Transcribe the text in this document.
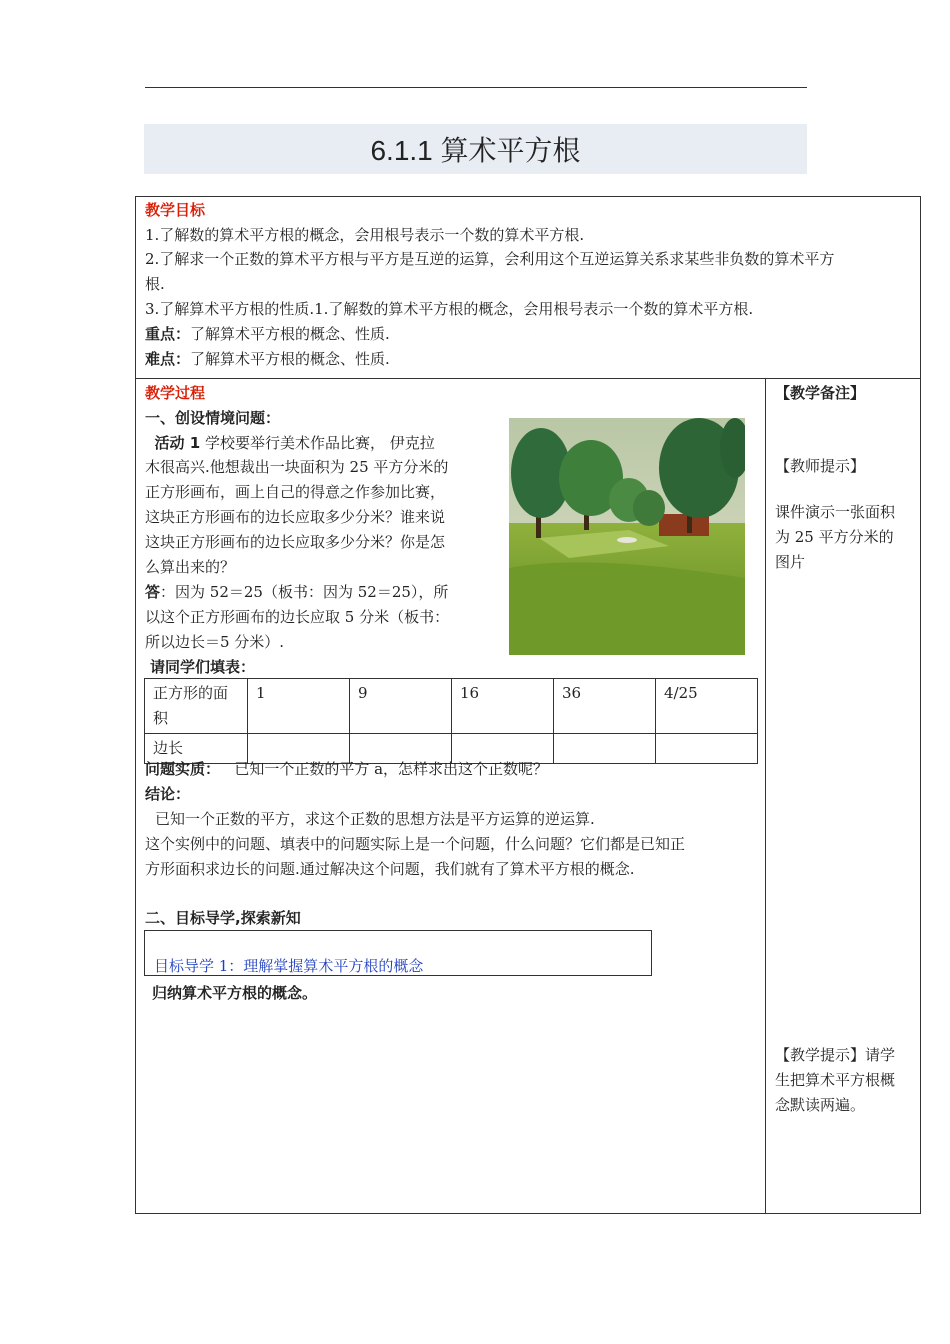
6.1.1 算术平方根
教学目标
1.了解数的算术平方根的概念，会用根号表示一个数的算术平方根.
2.了解求一个正数的算术平方根与平方是互逆的运算，会利用这个互逆运算关系求某些非负数的算术平方
根.
3.了解算术平方根的性质.1.了解数的算术平方根的概念，会用根号表示一个数的算术平方根.
重点：了解算术平方根的概念、性质.
难点：了解算术平方根的概念、性质.
教学过程
一、创设情境问题：
活动 1 学校要举行美术作品比赛， 伊克拉
木很高兴.他想裁出一块面积为 25 平方分米的
正方形画布，画上自己的得意之作参加比赛，
这块正方形画布的边长应取多少分米？谁来说
这块正方形画布的边长应取多少分米？你是怎
么算出来的？
答：因为 52＝25（板书：因为 52＝25），所
以这个正方形画布的边长应取 5 分米（板书：
所以边长＝5 分米）.
请同学们填表：
正方形的面
积	1	9	16	36	4/25
边长					
问题实质： 已知一个正数的平方 a，怎样求出这个正数呢？
结论：
已知一个正数的平方，求这个正数的思想方法是平方运算的逆运算.
这个实例中的问题、填表中的问题实际上是一个问题，什么问题？它们都是已知正
方形面积求边长的问题.通过解决这个问题，我们就有了算术平方根的概念.
二、目标导学,探索新知
目标导学 1：理解掌握算术平方根的概念
归纳算术平方根的概念。
【教学备注】
【教师提示】
课件演示一张面积
为 25 平方分米的
图片
【教学提示】请学
生把算术平方根概
念默读两遍。
